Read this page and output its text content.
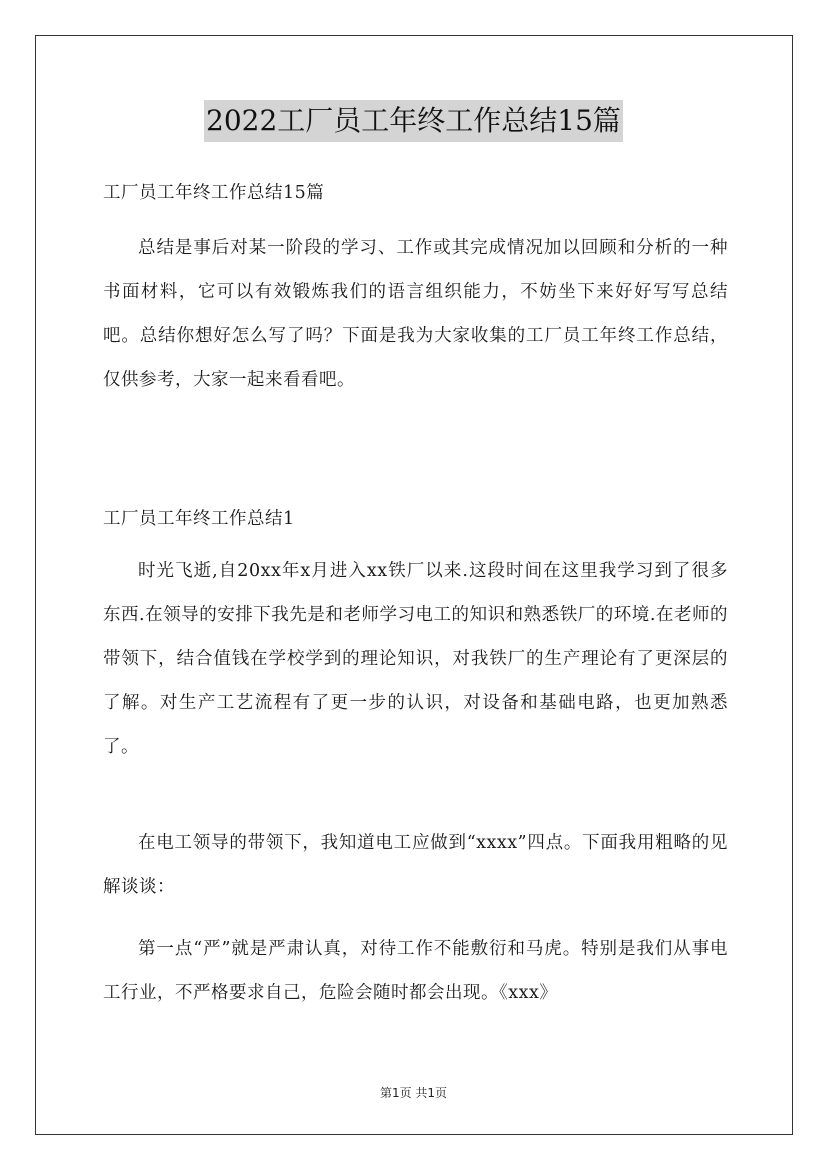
2022工厂员工年终工作总结15篇
工厂员工年终工作总结15篇
总结是事后对某一阶段的学习、工作或其完成情况加以回顾和分析的一种书面材料，它可以有效锻炼我们的语言组织能力，不妨坐下来好好写写总结吧。总结你想好怎么写了吗？下面是我为大家收集的工厂员工年终工作总结，仅供参考，大家一起来看看吧。
工厂员工年终工作总结1
时光飞逝,自20xx年x月进入xx铁厂以来.这段时间在这里我学习到了很多东西.在领导的安排下我先是和老师学习电工的知识和熟悉铁厂的环境.在老师的带领下，结合值钱在学校学到的理论知识，对我铁厂的生产理论有了更深层的了解。对生产工艺流程有了更一步的认识，对设备和基础电路，也更加熟悉了。
在电工领导的带领下，我知道电工应做到“xxxx”四点。下面我用粗略的见解谈谈：
第一点“严”就是严肃认真，对待工作不能敷衍和马虎。特别是我们从事电工行业，不严格要求自己，危险会随时都会出现。《xxx》
第1页 共1页
